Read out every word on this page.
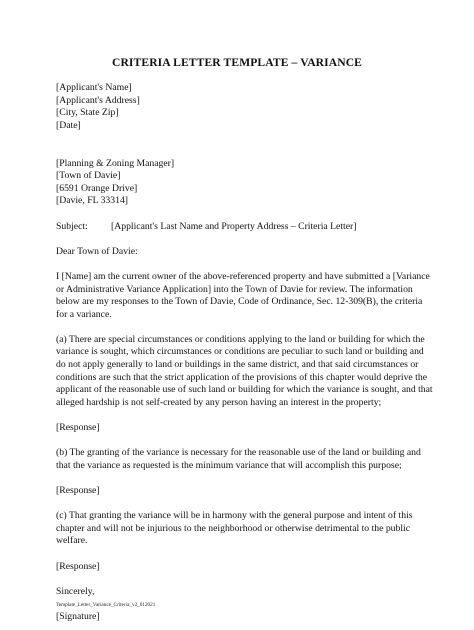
CRITERIA LETTER TEMPLATE – VARIANCE
[Applicant's Name]
[Applicant's Address]
[City, State Zip]
[Date]
[Planning & Zoning Manager]
[Town of Davie]
[6591 Orange Drive]
[Davie, FL 33314]
Subject:	[Applicant's Last Name and Property Address – Criteria Letter]
Dear Town of Davie:
I [Name] am the current owner of the above-referenced property and have submitted a [Variance
or Administrative Variance Application] into the Town of Davie for review. The information
below are my responses to the Town of Davie, Code of Ordinance, Sec. 12-309(B), the criteria
for a variance.
(a) There are special circumstances or conditions applying to the land or building for which the
variance is sought, which circumstances or conditions are peculiar to such land or building and
do not apply generally to land or buildings in the same district, and that said circumstances or
conditions are such that the strict application of the provisions of this chapter would deprive the
applicant of the reasonable use of such land or building for which the variance is sought, and that
alleged hardship is not self-created by any person having an interest in the property;
[Response]
(b) The granting of the variance is necessary for the reasonable use of the land or building and
that the variance as requested is the minimum variance that will accomplish this purpose;
[Response]
(c) That granting the variance will be in harmony with the general purpose and intent of this
chapter and will not be injurious to the neighborhood or otherwise detrimental to the public
welfare.
[Response]
Sincerely,
[Signature]
Template_Letter_Variance_Criteria_v2_012021
